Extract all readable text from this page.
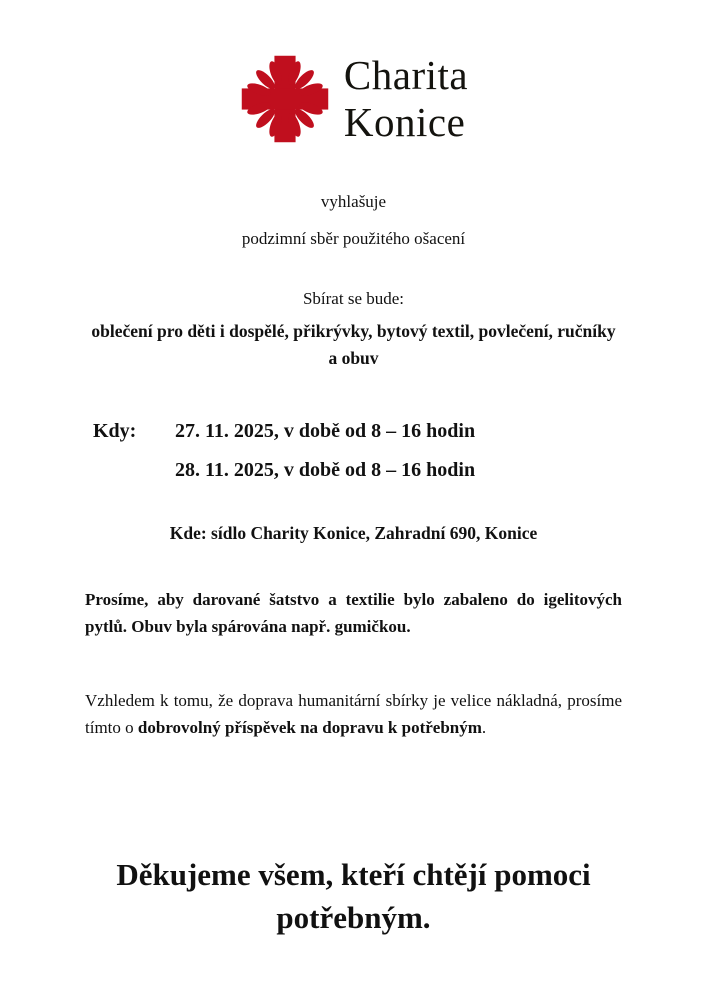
Charita
Konice

vyhlašuje

podzimní sběr použitého ošacení

Sbírat se bude:

oblečení pro děti i dospělé, přikrývky, bytový textil, povlečení, ručníky a obuv

Kdy:	27. 11. 2025, v době od 8 – 16 hodin
28. 11. 2025, v době od 8 – 16 hodin

Kde: sídlo Charity Konice, Zahradní 690, Konice

Prosíme, aby darované šatstvo a textilie bylo zabaleno do igelitových pytlů. Obuv byla spárována např. gumičkou.

Vzhledem k tomu, že doprava humanitární sbírky je velice nákladná, prosíme tímto o dobrovolný příspěvek na dopravu k potřebným.

Děkujeme všem, kteří chtějí pomoci potřebným.
